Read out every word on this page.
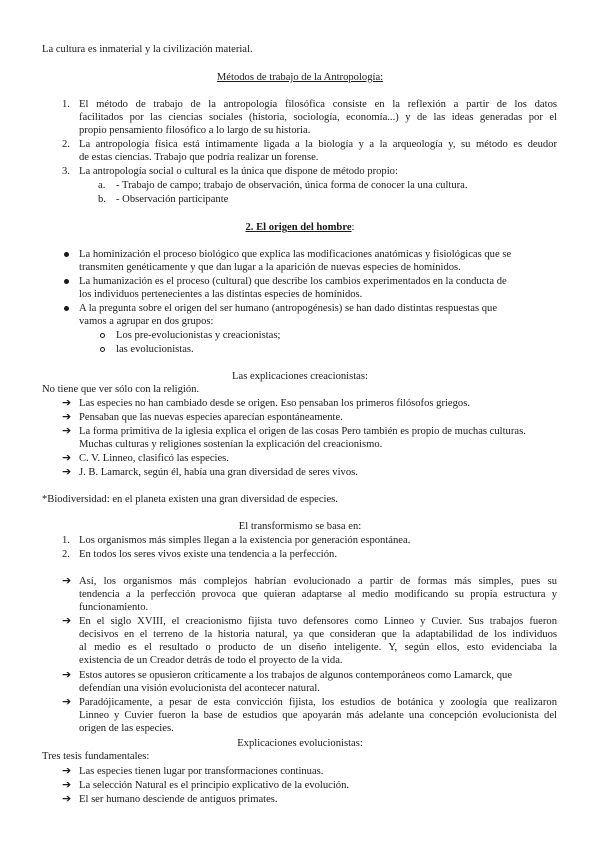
La cultura es inmaterial y la civilización material.
Métodos de trabajo de la Antropología:
1. El método de trabajo de la antropología filosófica consiste en la reflexión a partir de los datos
facilitados por las ciencias sociales (historia, sociología, economía...) y de las ideas generadas por el
propio pensamiento filosófico a lo largo de su historia.
2. La antropología física está íntimamente ligada a la biología y a la arqueología y, su método es deudor
de estas ciencias. Trabajo que podría realizar un forense.
3. La antropología social o cultural es la única que dispone de método propio:
a. - Trabajo de campo; trabajo de observación, única forma de conocer la una cultura.
b. - Observación participante
2. El origen del hombre:
La hominización el proceso biológico que explica las modificaciones anatómicas y fisiológicas que se
transmiten genéticamente y que dan lugar a la aparición de nuevas especies de homínidos.
La humanización es el proceso (cultural) que describe los cambios experimentados en la conducta de
los individuos pertenecientes a las distintas especies de homínidos.
A la pregunta sobre el origen del ser humano (antropogénesis) se han dado distintas respuestas que
vamos a agrupar en dos grupos:
Los pre-evolucionistas y creacionistas;
las evolucionistas.
Las explicaciones creacionistas:
No tiene que ver sólo con la religión.
➔ Las especies no han cambiado desde se origen. Eso pensaban los primeros filósofos griegos.
➔ Pensaban que las nuevas especies aparecían espontáneamente.
➔ La forma primitiva de la iglesia explica el origen de las cosas Pero también es propio de muchas culturas.
Muchas culturas y religiones sostenían la explicación del creacionismo.
➔ C. V. Linneo, clasificó las especies.
➔ J. B. Lamarck, según él, había una gran diversidad de seres vivos.
*Biodiversidad: en el planeta existen una gran diversidad de especies.
El transformismo se basa en:
1. Los organismos más simples llegan a la existencia por generación espontánea.
2. En todos los seres vivos existe una tendencia a la perfección.
➔ Así, los organismos más complejos habrían evolucionado a partir de formas más simples, pues su
tendencia a la perfección provoca que quieran adaptarse al medio modificando su propia estructura y
funcionamiento.
➔ En el siglo XVIII, el creacionismo fijista tuvo defensores como Linneo y Cuvier. Sus trabajos fueron
decisivos en el terreno de la historia natural, ya que consideran que la adaptabilidad de los individuos
al medio es el resultado o producto de un diseño inteligente. Y, según ellos, esto evidenciaba la
existencia de un Creador detrás de todo el proyecto de la vida.
➔ Estos autores se opusieron críticamente a los trabajos de algunos contemporáneos como Lamarck, que
defendían una visión evolucionista del acontecer natural.
➔ Paradójicamente, a pesar de esta convicción fijista, los estudios de botánica y zoología que realizaron
Linneo y Cuvier fueron la base de estudios que apoyarán más adelante una concepción evolucionista del
origen de las especies.
Explicaciones evolucionistas:
Tres tesis fundamentales:
➔ Las especies tienen lugar por transformaciones continuas.
➔ La selección Natural es el principio explicativo de la evolución.
➔ El ser humano desciende de antiguos primates.
